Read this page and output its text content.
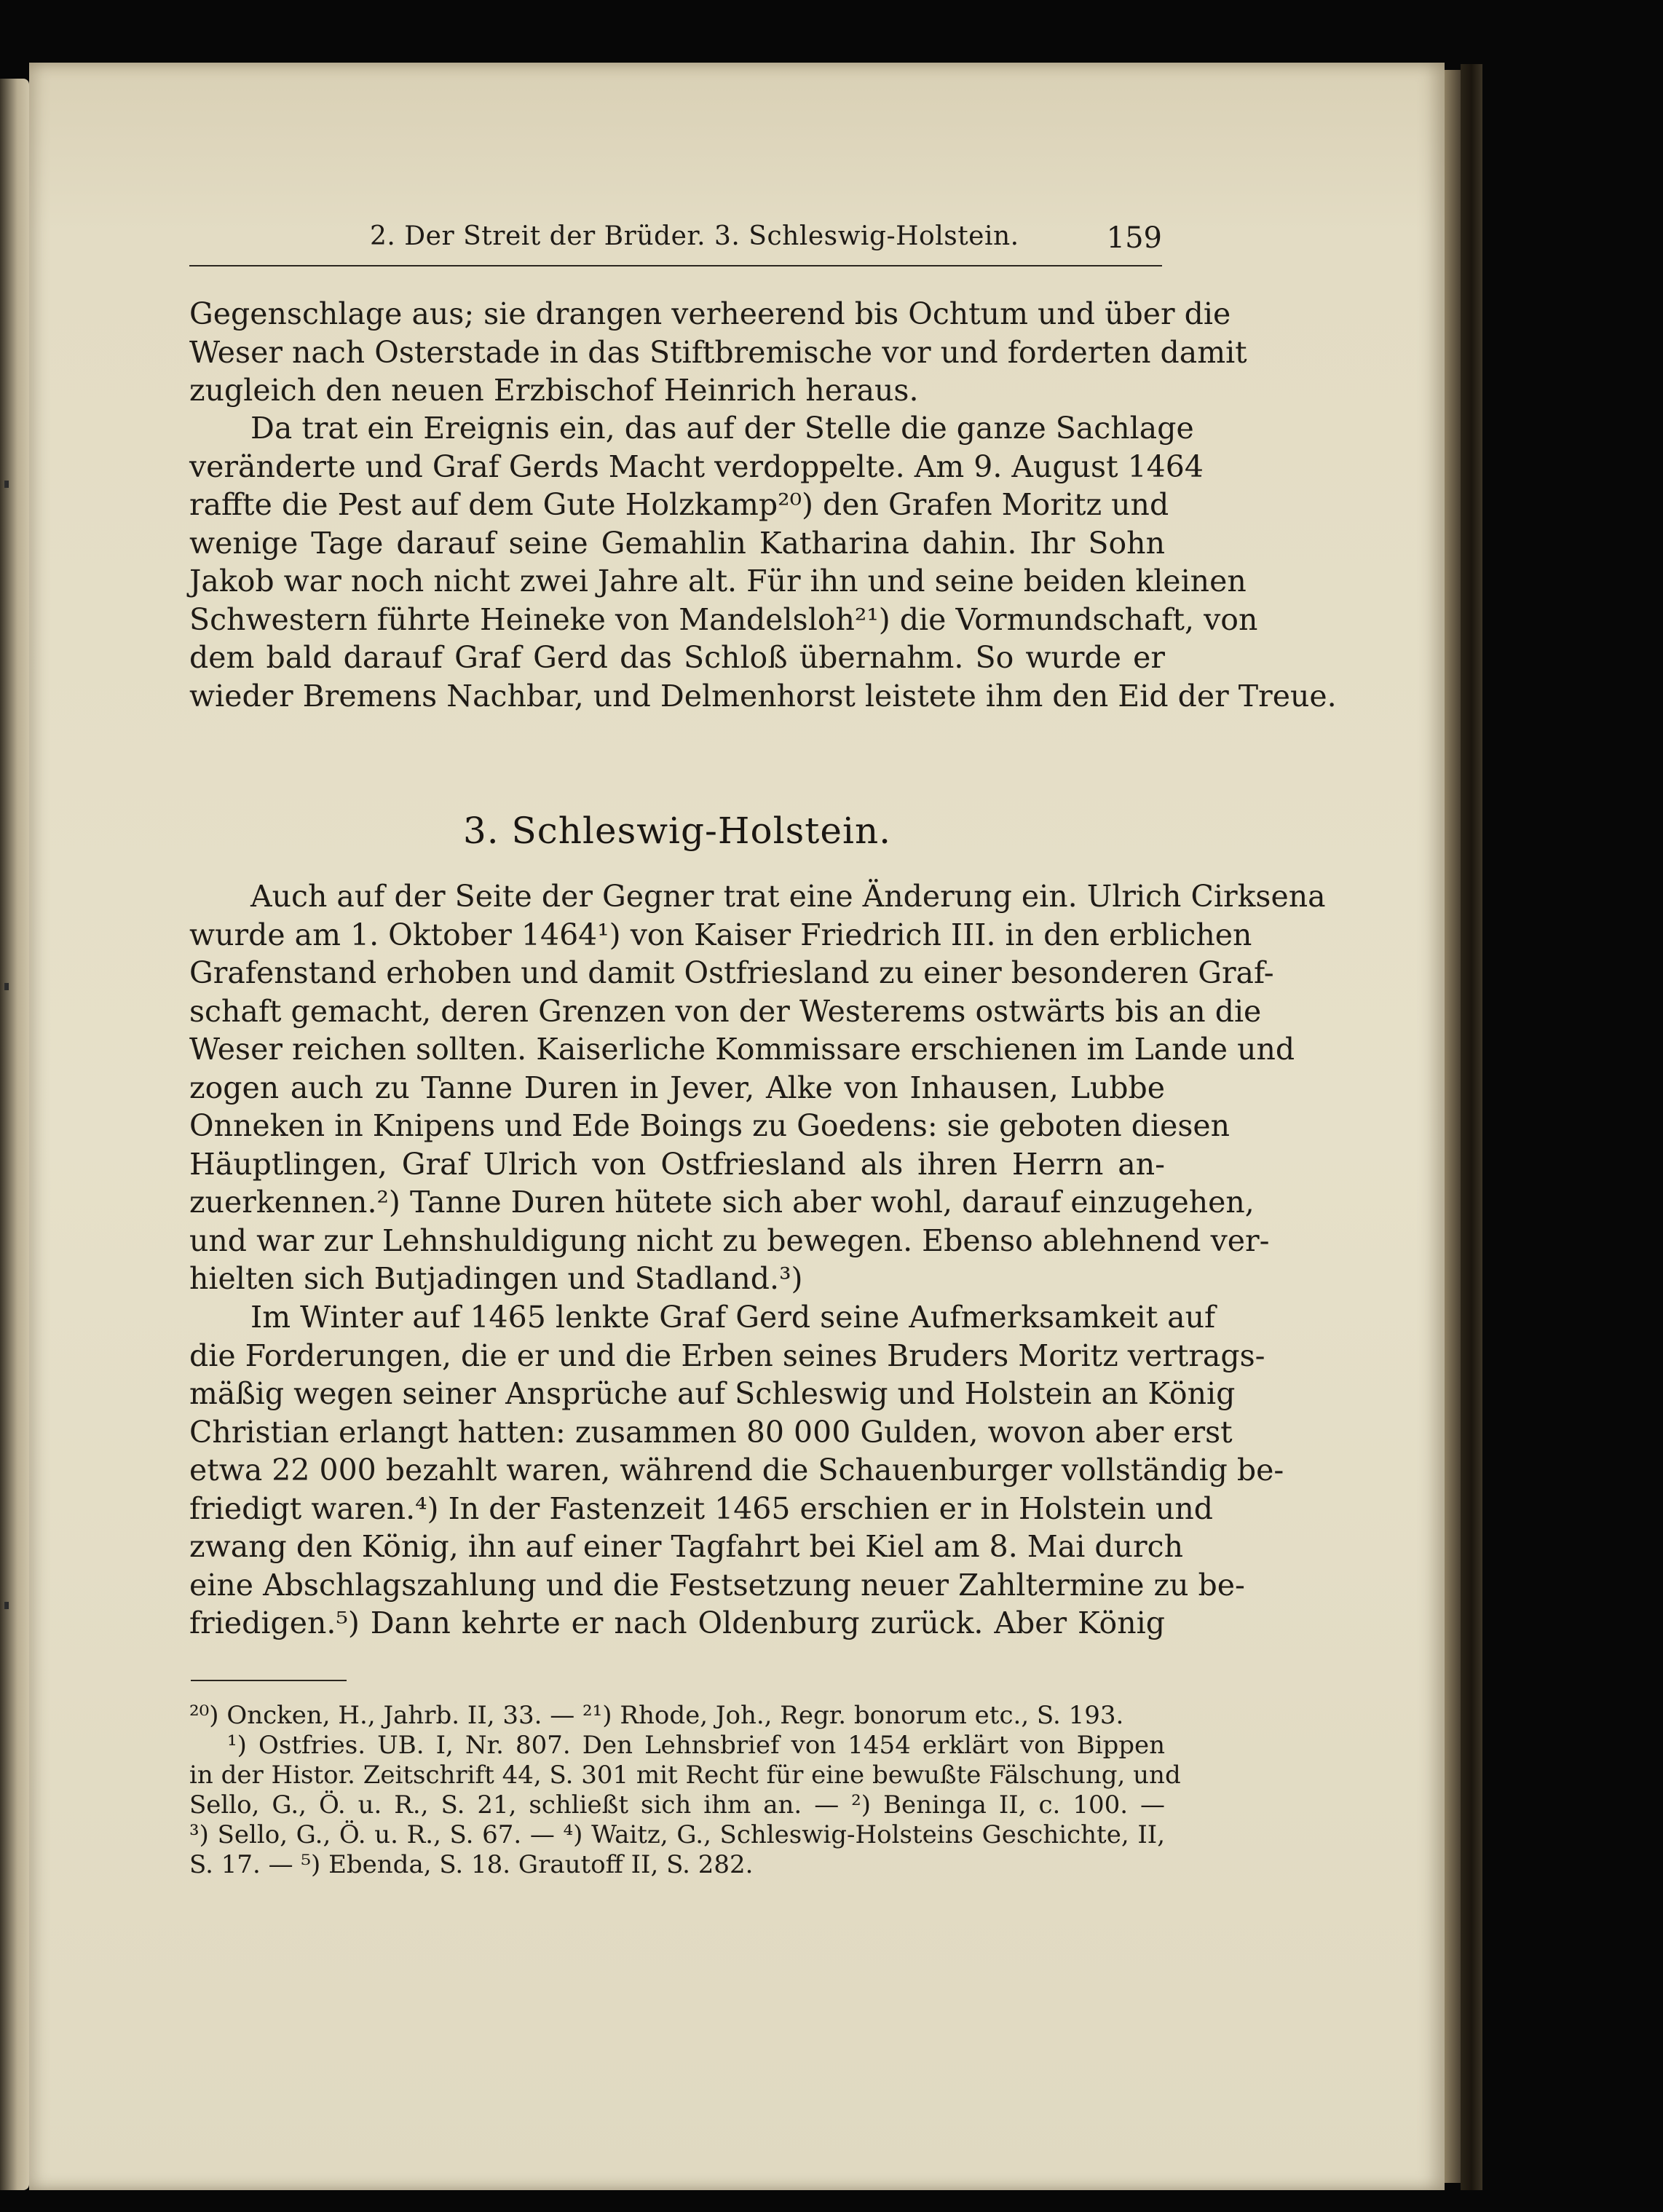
2. Der Streit der Brüder. 3. Schleswig-Holstein.	159
Gegenschlage aus; sie drangen verheerend bis Ochtum und über die
Weser nach Osterstade in das Stiftbremische vor und forderten damit
zugleich den neuen Erzbischof Heinrich heraus.
Da trat ein Ereignis ein, das auf der Stelle die ganze Sachlage
veränderte und Graf Gerds Macht verdoppelte. Am 9. August 1464
raffte die Pest auf dem Gute Holzkamp²⁰) den Grafen Moritz und
wenige Tage darauf seine Gemahlin Katharina dahin. Ihr Sohn
Jakob war noch nicht zwei Jahre alt. Für ihn und seine beiden kleinen
Schwestern führte Heineke von Mandelsloh²¹) die Vormundschaft, von
dem bald darauf Graf Gerd das Schloß übernahm. So wurde er
wieder Bremens Nachbar, und Delmenhorst leistete ihm den Eid der Treue.
3. Schleswig-Holstein.
Auch auf der Seite der Gegner trat eine Änderung ein. Ulrich Cirksena
wurde am 1. Oktober 1464¹) von Kaiser Friedrich III. in den erblichen
Grafenstand erhoben und damit Ostfriesland zu einer besonderen Graf-
schaft gemacht, deren Grenzen von der Westerems ostwärts bis an die
Weser reichen sollten. Kaiserliche Kommissare erschienen im Lande und
zogen auch zu Tanne Duren in Jever, Alke von Inhausen, Lubbe
Onneken in Knipens und Ede Boings zu Goedens: sie geboten diesen
Häuptlingen, Graf Ulrich von Ostfriesland als ihren Herrn an-
zuerkennen.²) Tanne Duren hütete sich aber wohl, darauf einzugehen,
und war zur Lehnshuldigung nicht zu bewegen. Ebenso ablehnend ver-
hielten sich Butjadingen und Stadland.³)
Im Winter auf 1465 lenkte Graf Gerd seine Aufmerksamkeit auf
die Forderungen, die er und die Erben seines Bruders Moritz vertrags-
mäßig wegen seiner Ansprüche auf Schleswig und Holstein an König
Christian erlangt hatten: zusammen 80 000 Gulden, wovon aber erst
etwa 22 000 bezahlt waren, während die Schauenburger vollständig be-
friedigt waren.⁴) In der Fastenzeit 1465 erschien er in Holstein und
zwang den König, ihn auf einer Tagfahrt bei Kiel am 8. Mai durch
eine Abschlagszahlung und die Festsetzung neuer Zahltermine zu be-
friedigen.⁵) Dann kehrte er nach Oldenburg zurück. Aber König
²⁰) Oncken, H., Jahrb. II, 33. — ²¹) Rhode, Joh., Regr. bonorum etc., S. 193.
¹) Ostfries. UB. I, Nr. 807. Den Lehnsbrief von 1454 erklärt von Bippen
in der Histor. Zeitschrift 44, S. 301 mit Recht für eine bewußte Fälschung, und
Sello, G., Ö. u. R., S. 21, schließt sich ihm an. — ²) Beninga II, c. 100. —
³) Sello, G., Ö. u. R., S. 67. — ⁴) Waitz, G., Schleswig-Holsteins Geschichte, II,
S. 17. — ⁵) Ebenda, S. 18. Grautoff II, S. 282.
